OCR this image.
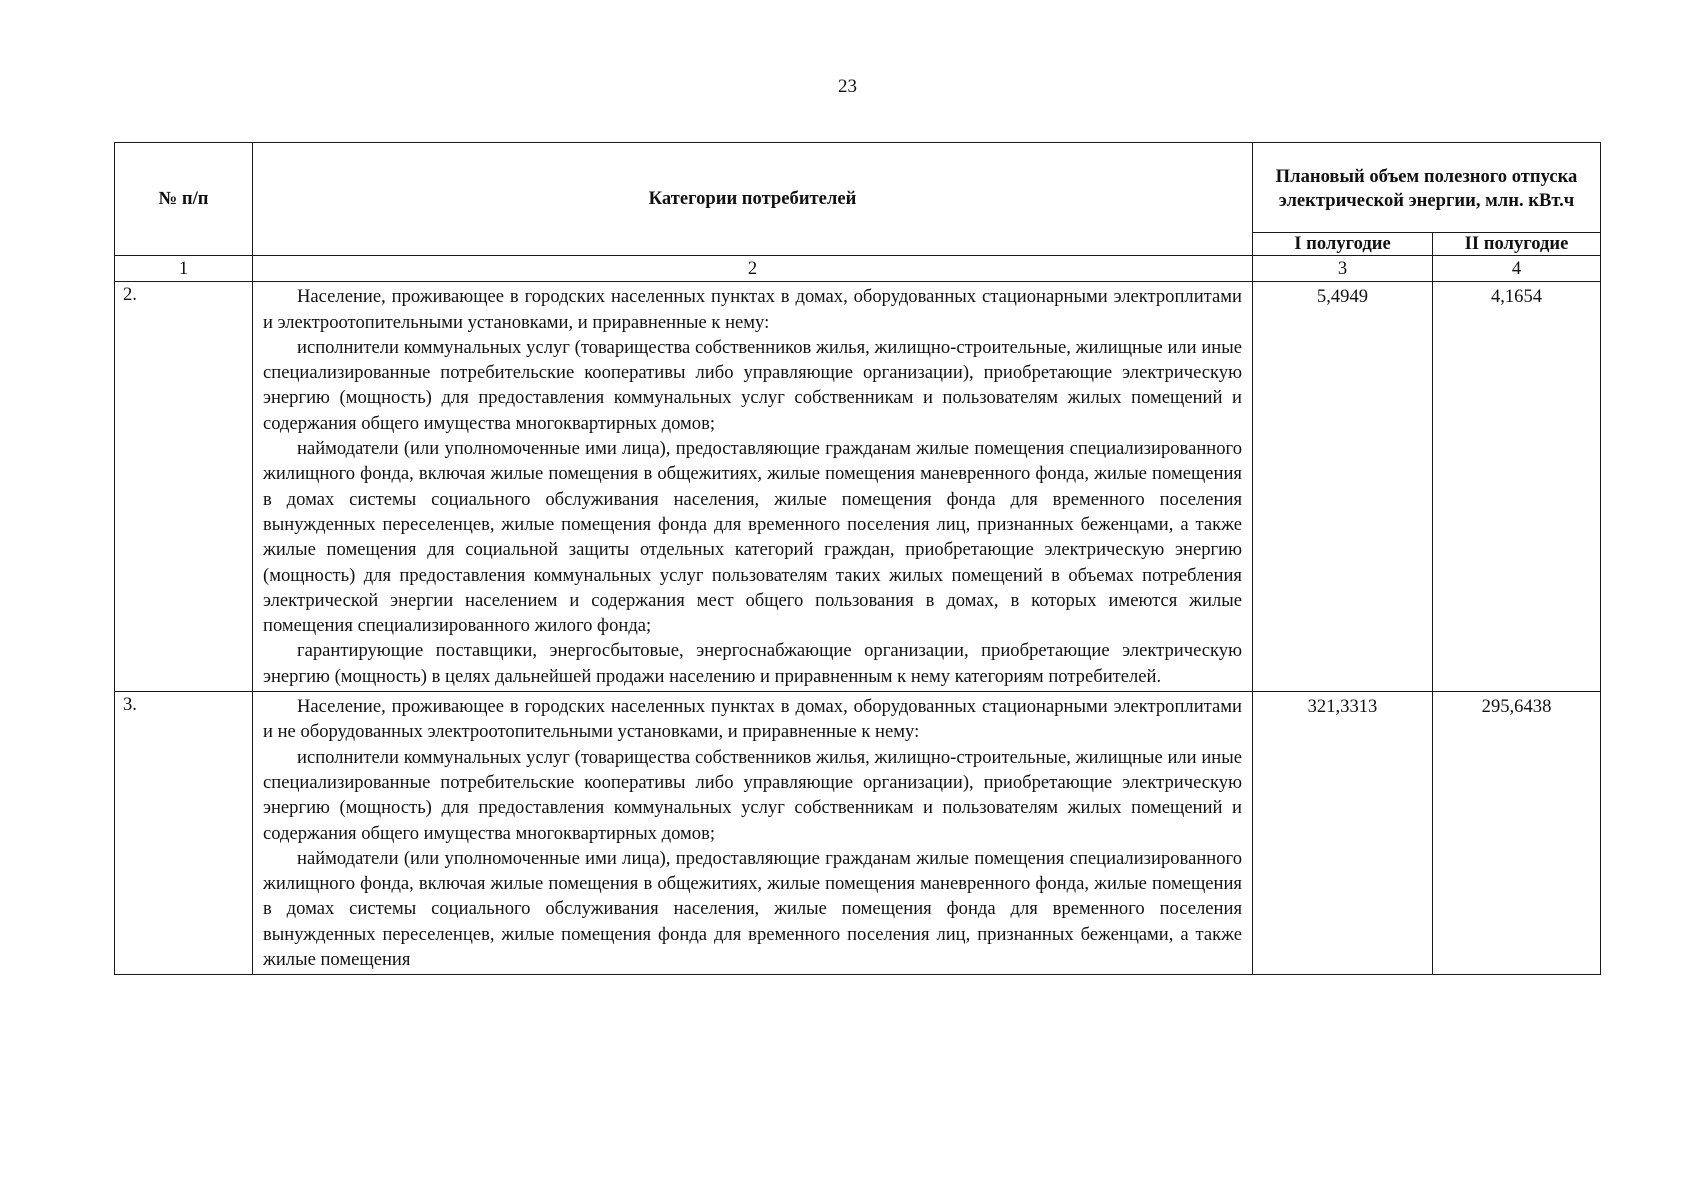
23
№ п/п	Категории потребителей	Плановый объем полезного отпуска электрической энергии, млн. кВт.ч	
		I полугодие	II полугодие
1	2	3	4
2.	Население, проживающее в городских населенных пунктах в домах, оборудованных стационарными электроплитами и электроотопительными установками, и приравненные к нему:

исполнители коммунальных услуг (товарищества собственников жилья, жилищно-строительные, жилищные или иные специализированные потребительские кооперативы либо управляющие организации), приобретающие электрическую энергию (мощность) для предоставления коммунальных услуг собственникам и пользователям жилых помещений и содержания общего имущества многоквартирных домов;

наймодатели (или уполномоченные ими лица), предоставляющие гражданам жилые помещения специализированного жилищного фонда, включая жилые помещения в общежитиях, жилые помещения маневренного фонда, жилые помещения в домах системы социального обслуживания населения, жилые помещения фонда для временного поселения вынужденных переселенцев, жилые помещения фонда для временного поселения лиц, признанных беженцами, а также жилые помещения для социальной защиты отдельных категорий граждан, приобретающие электрическую энергию (мощность) для предоставления коммунальных услуг пользователям таких жилых помещений в объемах потребления электрической энергии населением и содержания мест общего пользования в домах, в которых имеются жилые помещения специализированного жилого фонда;

гарантирующие поставщики, энергосбытовые, энергоснабжающие организации, приобретающие электрическую энергию (мощность) в целях дальнейшей продажи населению и приравненным к нему категориям потребителей.	5,4949	4,1654
3.	Население, проживающее в городских населенных пунктах в домах, оборудованных стационарными электроплитами и не оборудованных электроотопительными установками, и приравненные к нему:

исполнители коммунальных услуг (товарищества собственников жилья, жилищно-строительные, жилищные или иные специализированные потребительские кооперативы либо управляющие организации), приобретающие электрическую энергию (мощность) для предоставления коммунальных услуг собственникам и пользователям жилых помещений и содержания общего имущества многоквартирных домов;

наймодатели (или уполномоченные ими лица), предоставляющие гражданам жилые помещения специализированного жилищного фонда, включая жилые помещения в общежитиях, жилые помещения маневренного фонда, жилые помещения в домах системы социального обслуживания населения, жилые помещения фонда для временного поселения вынужденных переселенцев, жилые помещения фонда для временного поселения лиц, признанных беженцами, а также жилые помещения	321,3313	295,6438
